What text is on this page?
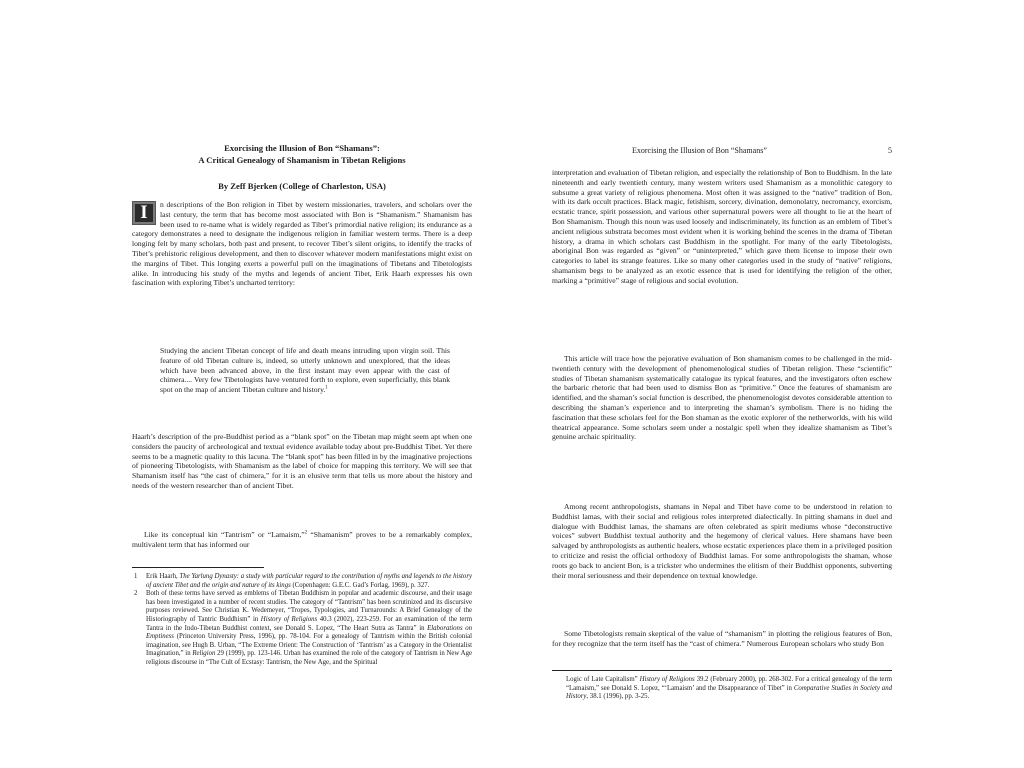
Exorcising the Illusion of Bon “Shamans”:
A Critical Genealogy of Shamanism in Tibetan Religions
By Zeff Bjerken (College of Charleston, USA)

I	n descriptions of the Bon religion in Tibet by western missionaries, travelers, and scholars over the last century, the term that has become most associated with Bon is “Shamanism.” Shamanism has been used to re-name what is widely regarded as Tibet’s primordial native religion; its endurance as a category demonstrates a need to designate the indigenous religion in familiar western terms. There is a deep longing felt by many scholars, both past and present, to recover Tibet’s silent origins, to identify the tracks of Tibet’s prehistoric religious development, and then to discover whatever modern manifestations might exist on the margins of Tibet. This longing exerts a powerful pull on the imaginations of Tibetans and Tibetologists alike. In introducing his study of the myths and legends of ancient Tibet, Erik Haarh expresses his own fascination with exploring Tibet’s uncharted territory:

Studying the ancient Tibetan concept of life and death means intruding upon virgin soil. This feature of old Tibetan culture is, indeed, so utterly unknown and unexplored, that the ideas which have been advanced above, in the first instant may even appear with the cast of chimera.... Very few Tibetologists have ventured forth to explore, even superficially, this blank spot on the map of ancient Tibetan culture and history.$^1$

Haarh’s description of the pre-Buddhist period as a “blank spot” on the Tibetan map might seem apt when one considers the paucity of archeological and textual evidence available today about pre-Buddhist Tibet. Yet there seems to be a magnetic quality to this lacuna. The “blank spot” has been filled in by the imaginative projections of pioneering Tibetologists, with Shamanism as the label of choice for mapping this territory. We will see that Shamanism itself has “the cast of chimera,” for it is an elusive term that tells us more about the history and needs of the western researcher than of ancient Tibet.

Like its conceptual kin “Tantrism” or “Lamaism,”$^2$ “Shamanism” proves to be a remarkably complex, multivalent term that has informed our

1 Erik Haarh, The Yarlung Dynasty: a study with particular regard to the contribution of myths and legends to the history of ancient Tibet and the origin and nature of its kings (Copenhagen: G.E.C. Gad’s Forlag, 1969), p. 327.

2 Both of these terms have served as emblems of Tibetan Buddhism in popular and academic discourse, and their usage has been investigated in a number of recent studies. The category of “Tantrism” has been scrutinized and its discursive purposes reviewed. See Christian K. Wedemeyer, “Tropes, Typologies, and Turnarounds: A Brief Genealogy of the Historiography of Tantric Buddhism” in History of Religions 40.3 (2002), 223-259. For an examination of the term Tantra in the Indo-Tibetan Buddhist context, see Donald S. Lopez, “The Heart Sutra as Tantra” in Elaborations on Emptiness (Princeton University Press, 1996), pp. 78-104. For a genealogy of Tantrism within the British colonial imagination, see Hugh B. Urban, “The Extreme Orient: The Construction of ‘Tantrism’ as a Category in the Orientalist Imagination,” in Religion 29 (1999), pp. 123-146. Urban has examined the role of the category of Tantrism in New Age religious discourse in “The Cult of Ecstasy: Tantrism, the New Age, and the Spiritual

Exorcising the Illusion of Bon “Shamans”	5

interpretation and evaluation of Tibetan religion, and especially the relationship of Bon to Buddhism. In the late nineteenth and early twentieth century, many western writers used Shamanism as a monolithic category to subsume a great variety of religious phenomena. Most often it was assigned to the “native” tradition of Bon, with its dark occult practices. Black magic, fetishism, sorcery, divination, demonolatry, necromancy, exorcism, ecstatic trance, spirit possession, and various other supernatural powers were all thought to lie at the heart of Bon Shamanism. Though this noun was used loosely and indiscriminately, its function as an emblem of Tibet’s ancient religious substrata becomes most evident when it is working behind the scenes in the drama of Tibetan history, a drama in which scholars cast Buddhism in the spotlight. For many of the early Tibetologists, aboriginal Bon was regarded as “given” or “uninterpreted,” which gave them license to impose their own categories to label its strange features. Like so many other categories used in the study of “native” religions, shamanism begs to be analyzed as an exotic essence that is used for identifying the religion of the other, marking a “primitive” stage of religious and social evolution.

This article will trace how the pejorative evaluation of Bon shamanism comes to be challenged in the mid-twentieth century with the development of phenomenological studies of Tibetan religion. These “scientific” studies of Tibetan shamanism systematically catalogue its typical features, and the investigators often eschew the barbaric rhetoric that had been used to dismiss Bon as “primitive.” Once the features of shamanism are identified, and the shaman’s social function is described, the phenomenologist devotes considerable attention to describing the shaman’s experience and to interpreting the shaman’s symbolism. There is no hiding the fascination that these scholars feel for the Bon shaman as the exotic explorer of the netherworlds, with his wild theatrical appearance. Some scholars seem under a nostalgic spell when they idealize shamanism as Tibet’s genuine archaic spirituality.

Among recent anthropologists, shamans in Nepal and Tibet have come to be understood in relation to Buddhist lamas, with their social and religious roles interpreted dialectically. In pitting shamans in duel and dialogue with Buddhist lamas, the shamans are often celebrated as spirit mediums whose “deconstructive voices” subvert Buddhist textual authority and the hegemony of clerical values. Here shamans have been salvaged by anthropologists as authentic healers, whose ecstatic experiences place them in a privileged position to criticize and resist the official orthodoxy of Buddhist lamas. For some anthropologists the shaman, whose roots go back to ancient Bon, is a trickster who undermines the elitism of their Buddhist opponents, subverting their moral seriousness and their dependence on textual knowledge.

Some Tibetologists remain skeptical of the value of “shamanism” in plotting the religious features of Bon, for they recognize that the term itself has the “cast of chimera.” Numerous European scholars who study Bon

Logic of Late Capitalism” History of Religions 39.2 (February 2000), pp. 268-302. For a critical genealogy of the term “Lamaism,” see Donald S. Lopez, “‘Lamaism’ and the Disappearance of Tibet” in Comparative Studies in Society and History, 38.1 (1996), pp. 3-25.
